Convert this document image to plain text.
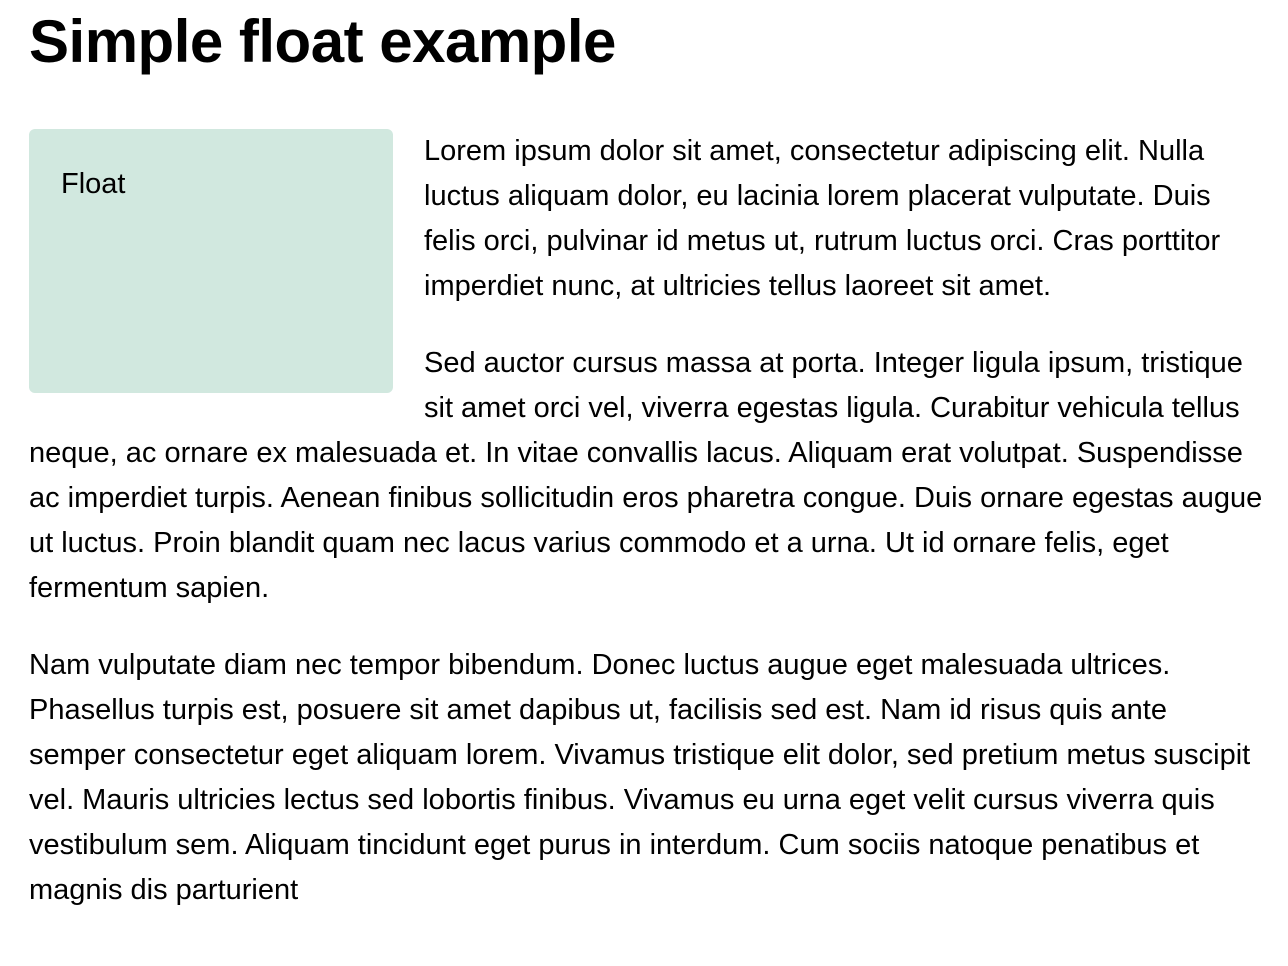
Simple float example
Float

Lorem ipsum dolor sit amet, consectetur adipiscing elit. Nulla luctus aliquam dolor, eu lacinia lorem placerat vulputate. Duis felis orci, pulvinar id metus ut, rutrum luctus orci. Cras porttitor imperdiet nunc, at ultricies tellus laoreet sit amet.

Sed auctor cursus massa at porta. Integer ligula ipsum, tristique sit amet orci vel, viverra egestas ligula. Curabitur vehicula tellus neque, ac ornare ex malesuada et. In vitae convallis lacus. Aliquam erat volutpat. Suspendisse ac imperdiet turpis. Aenean finibus sollicitudin eros pharetra congue. Duis ornare egestas augue ut luctus. Proin blandit quam nec lacus varius commodo et a urna. Ut id ornare felis, eget fermentum sapien.

Nam vulputate diam nec tempor bibendum. Donec luctus augue eget malesuada ultrices. Phasellus turpis est, posuere sit amet dapibus ut, facilisis sed est. Nam id risus quis ante semper consectetur eget aliquam lorem. Vivamus tristique elit dolor, sed pretium metus suscipit vel. Mauris ultricies lectus sed lobortis finibus. Vivamus eu urna eget velit cursus viverra quis vestibulum sem. Aliquam tincidunt eget purus in interdum. Cum sociis natoque penatibus et magnis dis parturient
